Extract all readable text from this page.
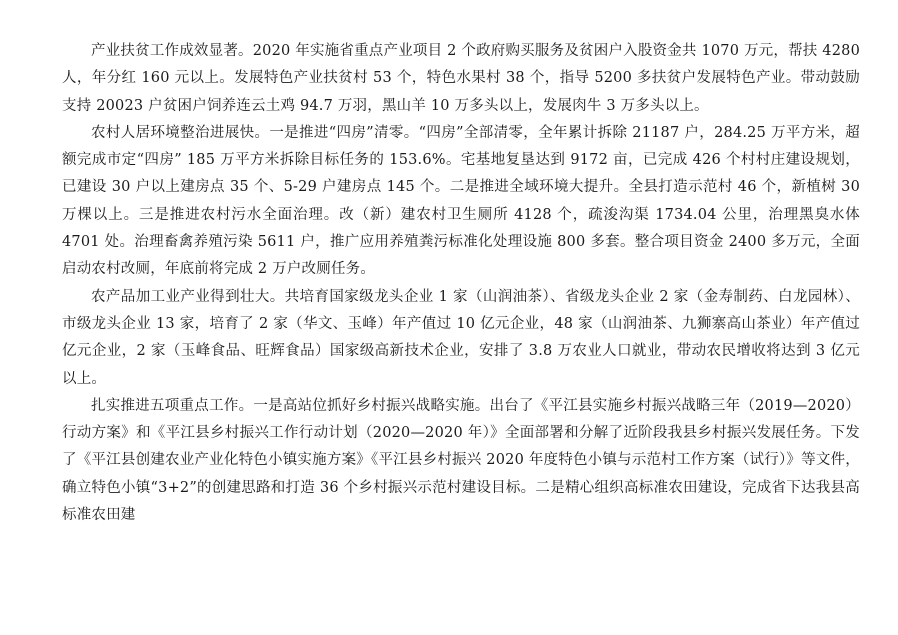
产业扶贫工作成效显著。2020 年实施省重点产业项目 2 个政府购买服务及贫困户入股资金共 1070 万元，帮扶 4280 人，年分红 160 元以上。发展特色产业扶贫村 53 个，特色水果村 38 个，指导 5200 多扶贫户发展特色产业。带动鼓励支持 20023 户贫困户饲养连云土鸡 94.7 万羽，黑山羊 10 万多头以上，发展肉牛 3 万多头以上。

农村人居环境整治进展快。一是推进“四房”清零。“四房”全部清零，全年累计拆除 21187 户，284.25 万平方米，超额完成市定“四房” 185 万平方米拆除目标任务的 153.6%。宅基地复垦达到 9172 亩，已完成 426 个村村庄建设规划，已建设 30 户以上建房点 35 个、5-29 户建房点 145 个。二是推进全域环境大提升。全县打造示范村 46 个，新植树 30 万棵以上。三是推进农村污水全面治理。改（新）建农村卫生厕所 4128 个，疏浚沟渠 1734.04 公里，治理黑臭水体 4701 处。治理畜禽养殖污染 5611 户，推广应用养殖粪污标准化处理设施 800 多套。整合项目资金 2400 多万元，全面启动农村改厕，年底前将完成 2 万户改厕任务。

农产品加工业产业得到壮大。共培育国家级龙头企业 1 家（山润油茶）、省级龙头企业 2 家（金寿制药、白龙园林）、市级龙头企业 13 家，培育了 2 家（华文、玉峰）年产值过 10 亿元企业，48 家（山润油茶、九狮寨高山茶业）年产值过亿元企业，2 家（玉峰食品、旺辉食品）国家级高新技术企业，安排了 3.8 万农业人口就业，带动农民增收将达到 3 亿元以上。

扎实推进五项重点工作。一是高站位抓好乡村振兴战略实施。出台了《平江县实施乡村振兴战略三年（2019—2020）行动方案》和《平江县乡村振兴工作行动计划（2020—2020 年）》全面部署和分解了近阶段我县乡村振兴发展任务。下发了《平江县创建农业产业化特色小镇实施方案》《平江县乡村振兴 2020 年度特色小镇与示范村工作方案（试行）》等文件，确立特色小镇“3+2”的创建思路和打造 36 个乡村振兴示范村建设目标。二是精心组织高标准农田建设，完成省下达我县高标准农田建
